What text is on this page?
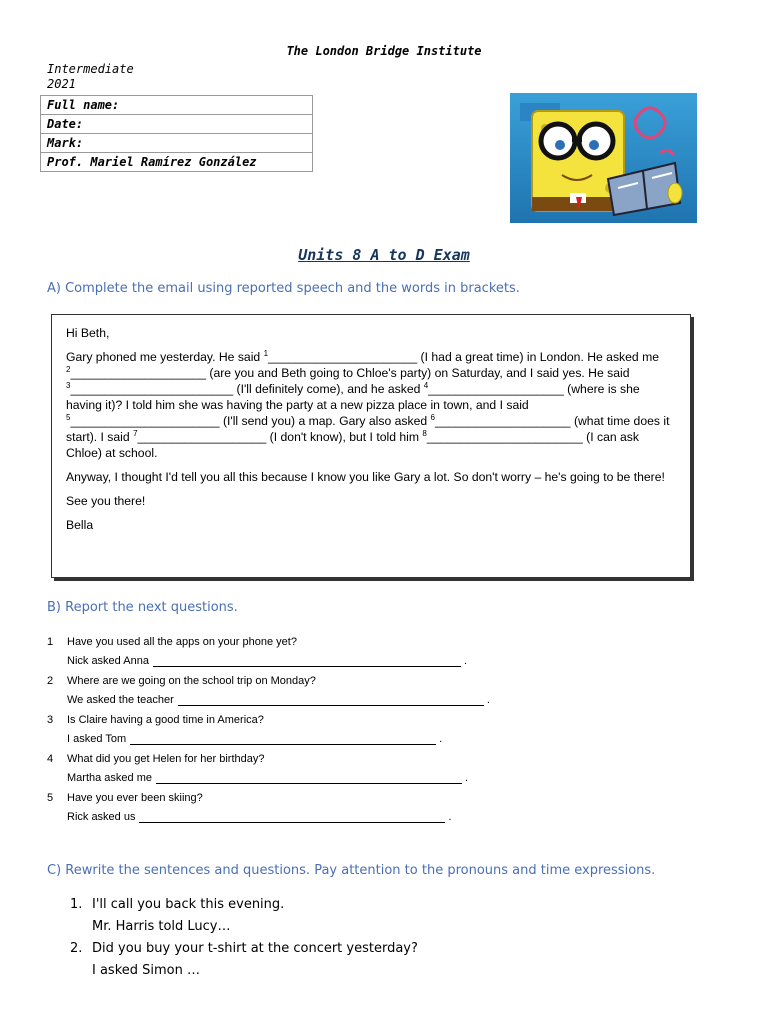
The London Bridge Institute
Intermediate
2021
Full name:
Date:
Mark:
Prof. Mariel Ramírez González
Units 8 A to D Exam
A) Complete the email using reported speech and the words in brackets.

Hi Beth,

Gary phoned me yesterday. He said $^1$______________________ (I had a great time) in London. He asked me $^2$____________________ (are you and Beth going to Chloe's party) on Saturday, and I said yes. He said $^3$________________________ (I'll definitely come), and he asked $^4$____________________ (where is she having it)? I told him she was having the party at a new pizza place in town, and I said $^5$______________________ (I'll send you) a map. Gary also asked $^6$____________________ (what time does it start). I said $^7$___________________ (I don't know), but I told him $^8$_______________________ (I can ask Chloe) at school.

Anyway, I thought I'd tell you all this because I know you like Gary a lot. So don't worry – he's going to be there!

See you there!

Bella

B) Report the next questions.
1	Have you used all the apps on your phone yet?
Nick asked Anna	.
2	Where are we going on the school trip on Monday?
We asked the teacher	.
3	Is Claire having a good time in America?
I asked Tom	.
4	What did you get Helen for her birthday?
Martha asked me	.
5	Have you ever been skiing?
Rick asked us	.
C) Rewrite the sentences and questions. Pay attention to the pronouns and time expressions.
1. I'll call you back this evening.
Mr. Harris told Lucy…
2. Did you buy your t-shirt at the concert yesterday?
I asked Simon …
